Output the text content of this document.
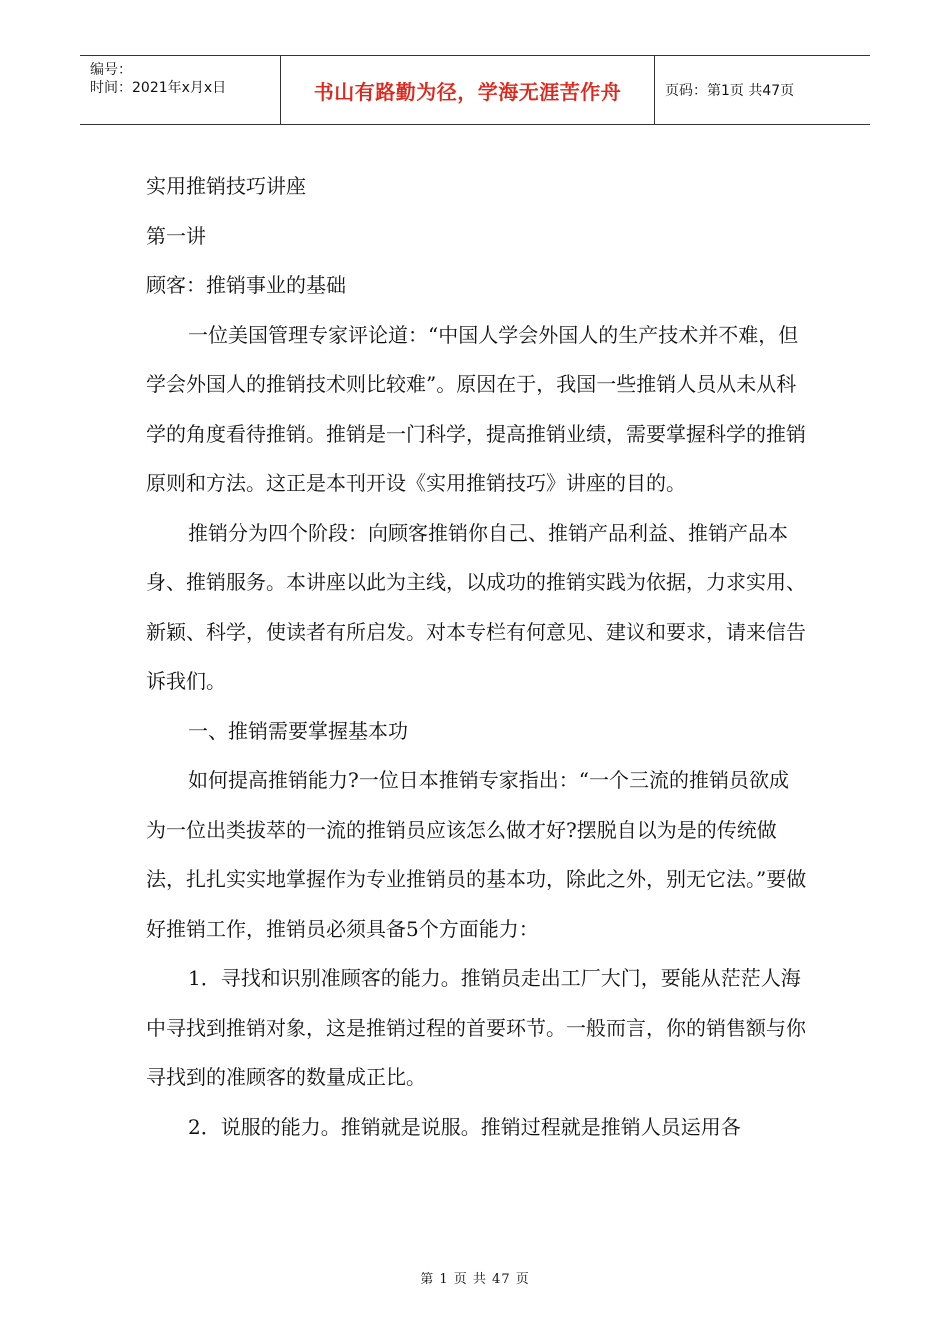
编号：
时间：2021年x月x日	书山有路勤为径，学海无涯苦作舟	页码：第1页 共47页

实用推销技巧讲座

第一讲

顾客：推销事业的基础

一位美国管理专家评论道：“中国人学会外国人的生产技术并不难，但学会外国人的推销技术则比较难”。原因在于，我国一些推销人员从未从科学的角度看待推销。推销是一门科学，提高推销业绩，需要掌握科学的推销原则和方法。这正是本刊开设《实用推销技巧》讲座的目的。

推销分为四个阶段：向顾客推销你自己、推销产品利益、推销产品本身、推销服务。本讲座以此为主线，以成功的推销实践为依据，力求实用、新颖、科学，使读者有所启发。对本专栏有何意见、建议和要求，请来信告诉我们。

一、推销需要掌握基本功

如何提高推销能力?一位日本推销专家指出：“一个三流的推销员欲成为一位出类拔萃的一流的推销员应该怎么做才好?摆脱自以为是的传统做法，扎扎实实地掌握作为专业推销员的基本功，除此之外，别无它法。”要做好推销工作，推销员必须具备5个方面能力：

1．寻找和识别准顾客的能力。推销员走出工厂大门，要能从茫茫人海中寻找到推销对象，这是推销过程的首要环节。一般而言，你的销售额与你寻找到的准顾客的数量成正比。

2．说服的能力。推销就是说服。推销过程就是推销人员运用各

第 1 页 共 47 页
